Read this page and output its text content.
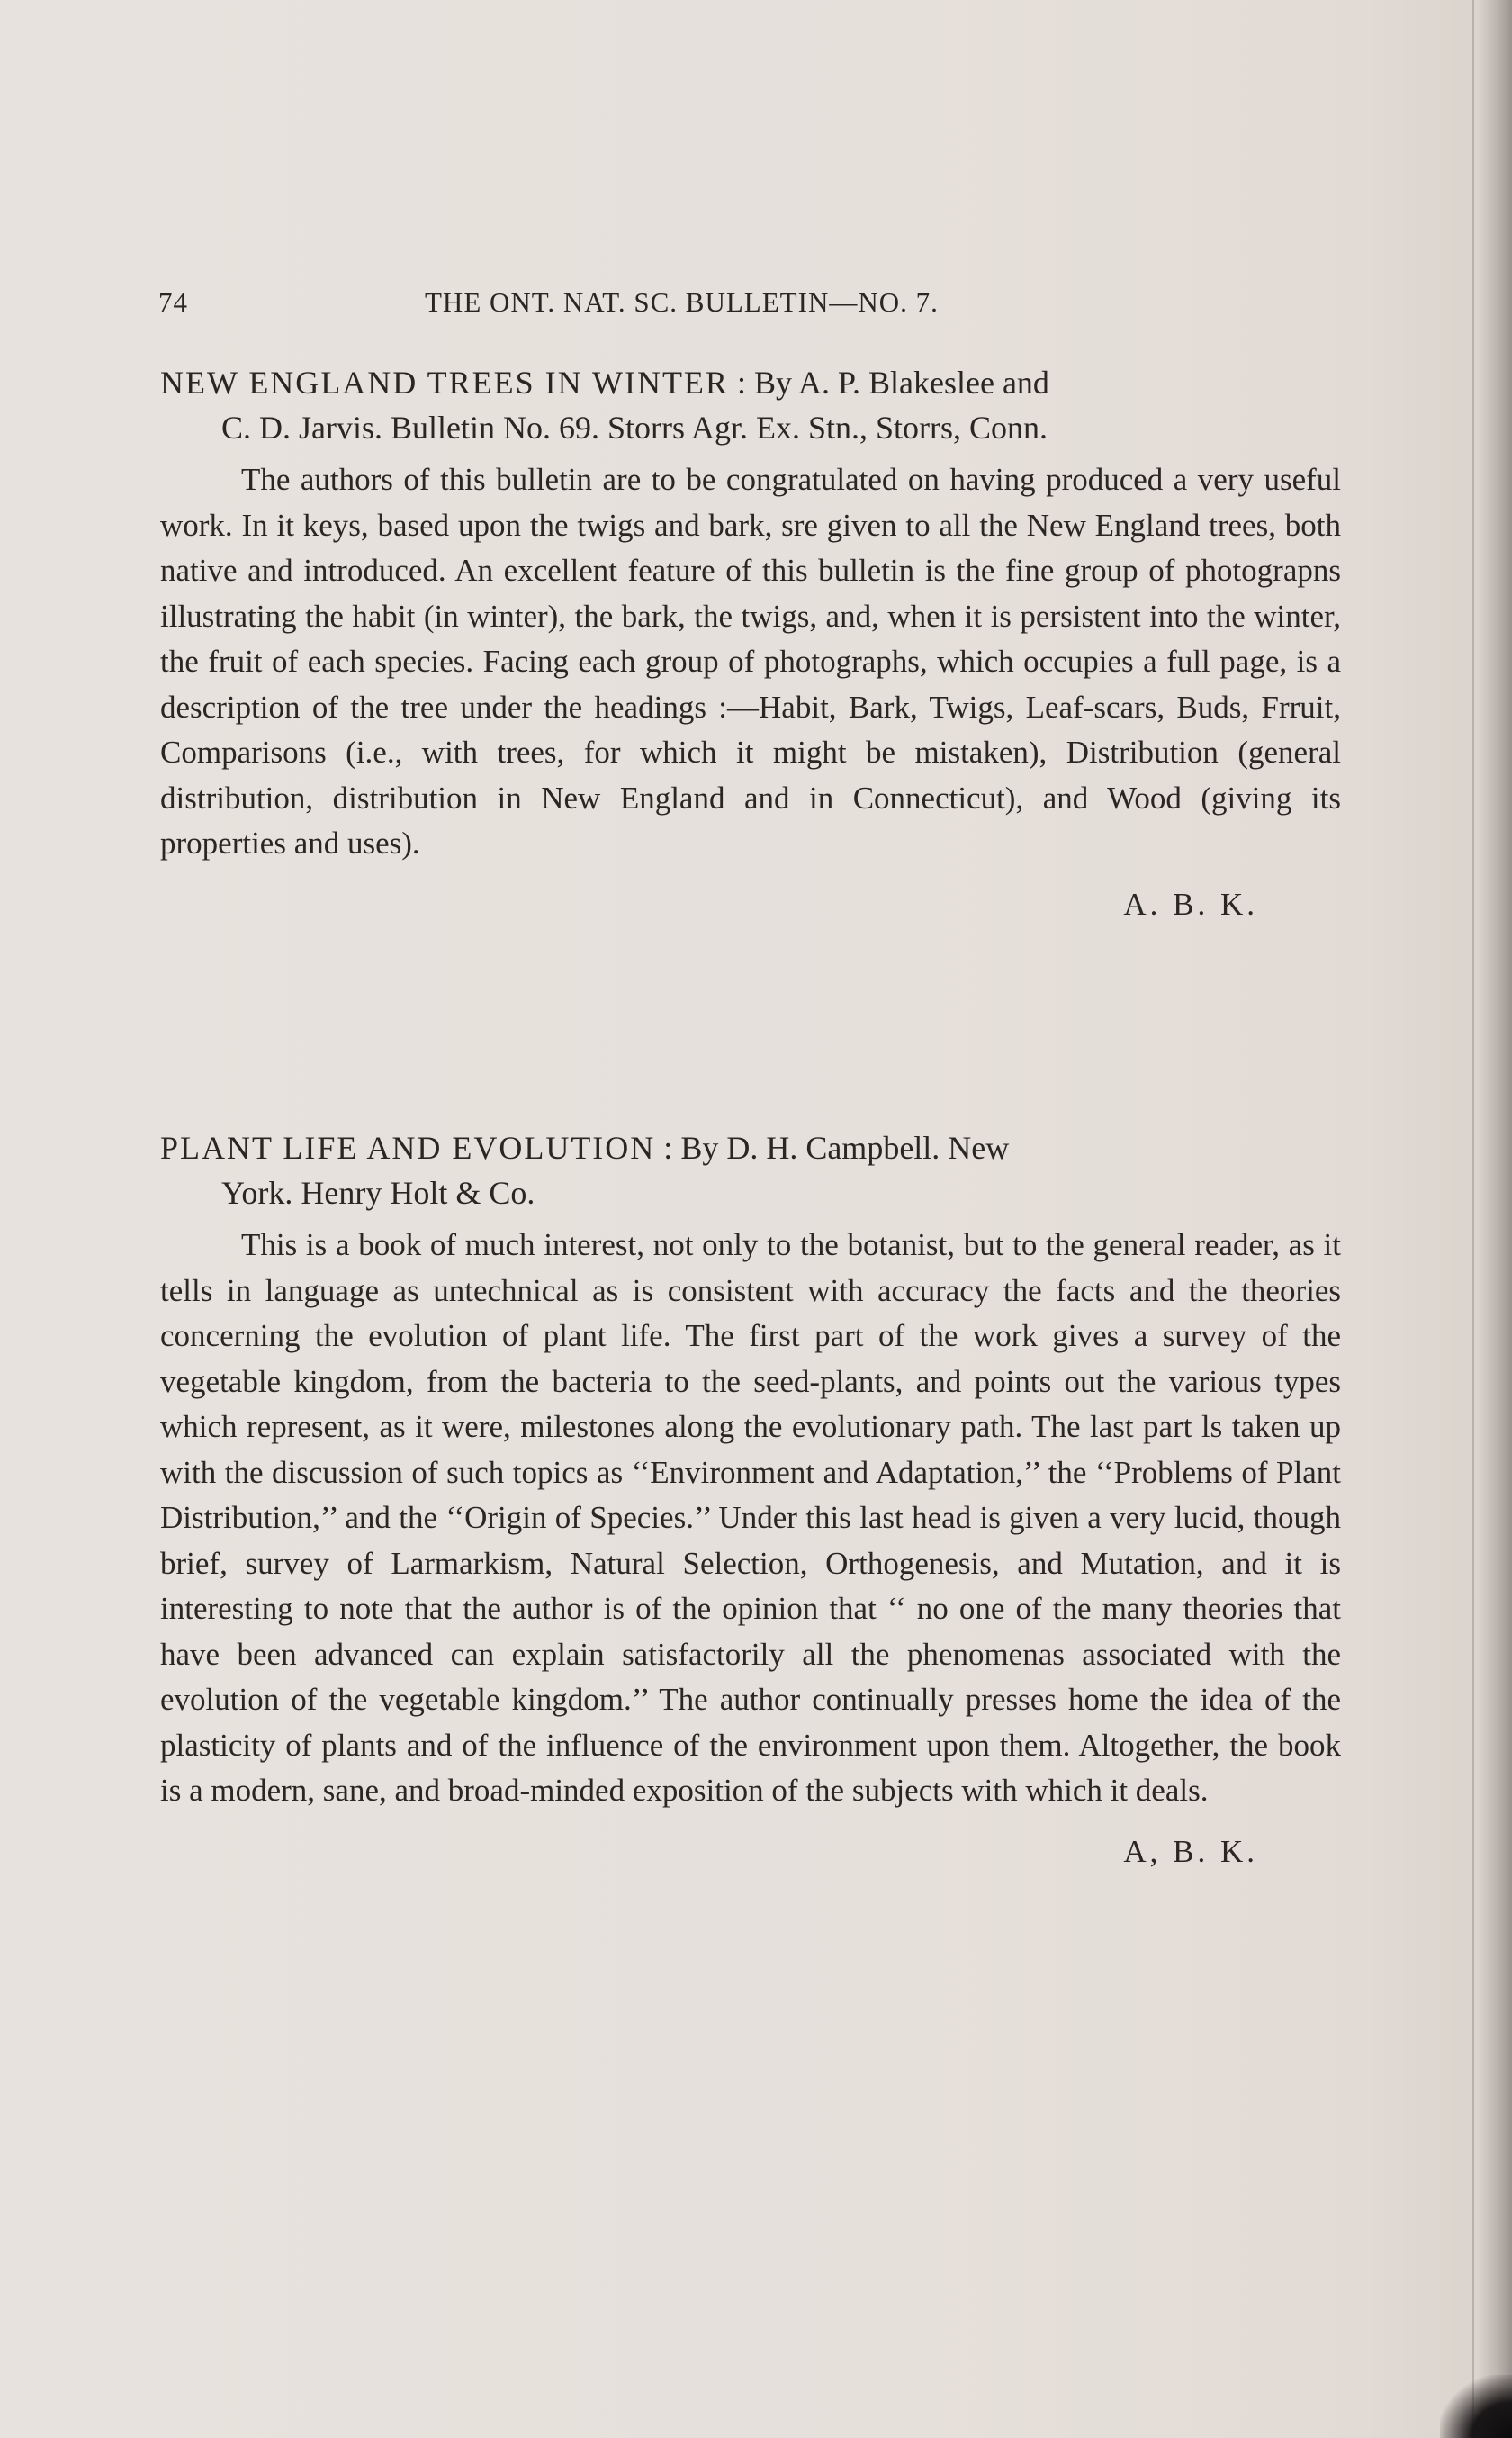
74	THE ONT. NAT. SC. BULLETIN—NO. 7.
NEW ENGLAND TREES IN WINTER : By A. P. Blakeslee and
C. D. Jarvis. Bulletin No. 69. Storrs Agr. Ex. Stn., Storrs, Conn.
The authors of this bulletin are to be congratulated on having produced a very useful work. In it keys, based upon the twigs and bark, sre given to all the New England trees, both native and introduced. An excellent feature of this bulletin is the fine group of photograpns illustrating the habit (in winter), the bark, the twigs, and, when it is persistent into the winter, the fruit of each species. Facing each group of photographs, which occupies a full page, is a description of the tree under the headings :—Habit, Bark, Twigs, Leaf-scars, Buds, Frruit, Comparisons (i.e., with trees, for which it might be mistaken), Distribution (general distribution, distribution in New England and in Connecticut), and Wood (giving its properties and uses).
A. B. K.
PLANT LIFE AND EVOLUTION : By D. H. Campbell. New
York. Henry Holt & Co.
This is a book of much interest, not only to the botanist, but to the general reader, as it tells in language as untechnical as is consistent with accuracy the facts and the theories concerning the evolution of plant life. The first part of the work gives a survey of the vegetable kingdom, from the bacteria to the seed-plants, and points out the various types which represent, as it were, milestones along the evolutionary path. The last part ls taken up with the discussion of such topics as ‘‘Environment and Adaptation,’’ the ‘‘Problems of Plant Distribution,’’ and the ‘‘Origin of Species.’’ Under this last head is given a very lucid, though brief, survey of Larmarkism, Natural Selection, Orthogenesis, and Mutation, and it is interesting to note that the author is of the opinion that ‘‘ no one of the many theories that have been advanced can explain satisfactorily all the phenomenas associated with the evolution of the vegetable kingdom.’’ The author continually presses home the idea of the plasticity of plants and of the influence of the environment upon them. Altogether, the book is a modern, sane, and broad-minded exposition of the subjects with which it deals.
A, B. K.
